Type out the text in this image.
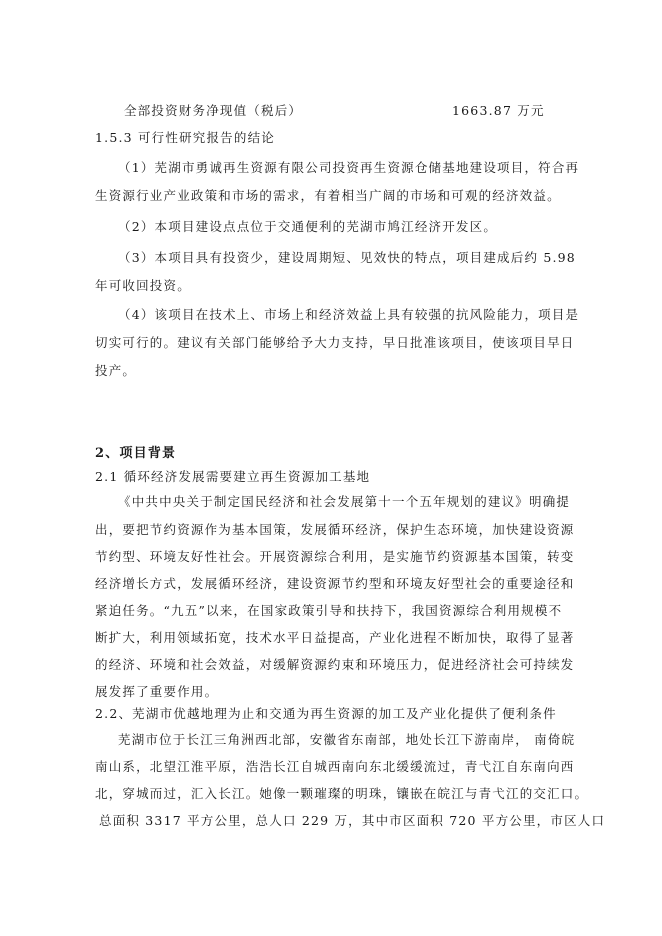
全部投资财务净现值（税后）	1663.87 万元
1.5.3 可行性研究报告的结论
（1）芜湖市勇诚再生资源有限公司投资再生资源仓储基地建设项目，符合再
生资源行业产业政策和市场的需求，有着相当广阔的市场和可观的经济效益。
（2）本项目建设点点位于交通便利的芜湖市鸠江经济开发区。
（3）本项目具有投资少，建设周期短、见效快的特点，项目建成后约 5.98
年可收回投资。
（4）该项目在技术上、市场上和经济效益上具有较强的抗风险能力，项目是
切实可行的。建议有关部门能够给予大力支持，早日批准该项目，使该项目早日
投产。
2、项目背景
2.1 循环经济发展需要建立再生资源加工基地
《中共中央关于制定国民经济和社会发展第十一个五年规划的建议》明确提
出，要把节约资源作为基本国策，发展循环经济，保护生态环境，加快建设资源
节约型、环境友好性社会。开展资源综合利用，是实施节约资源基本国策，转变
经济增长方式，发展循环经济，建设资源节约型和环境友好型社会的重要途径和
紧迫任务。“九五”以来，在国家政策引导和扶持下，我国资源综合利用规模不
断扩大，利用领域拓宽，技术水平日益提高，产业化进程不断加快，取得了显著
的经济、环境和社会效益，对缓解资源约束和环境压力，促进经济社会可持续发
展发挥了重要作用。
2.2、芜湖市优越地理为止和交通为再生资源的加工及产业化提供了便利条件
芜湖市位于长江三角洲西北部，安徽省东南部，地处长江下游南岸， 南倚皖
南山系，北望江淮平原，浩浩长江自城西南向东北缓缓流过，青弋江自东南向西
北，穿城而过，汇入长江。她像一颗璀璨的明珠，镶嵌在皖江与青弋江的交汇口。
总面积 3317 平方公里，总人口 229 万，其中市区面积 720 平方公里，市区人口
